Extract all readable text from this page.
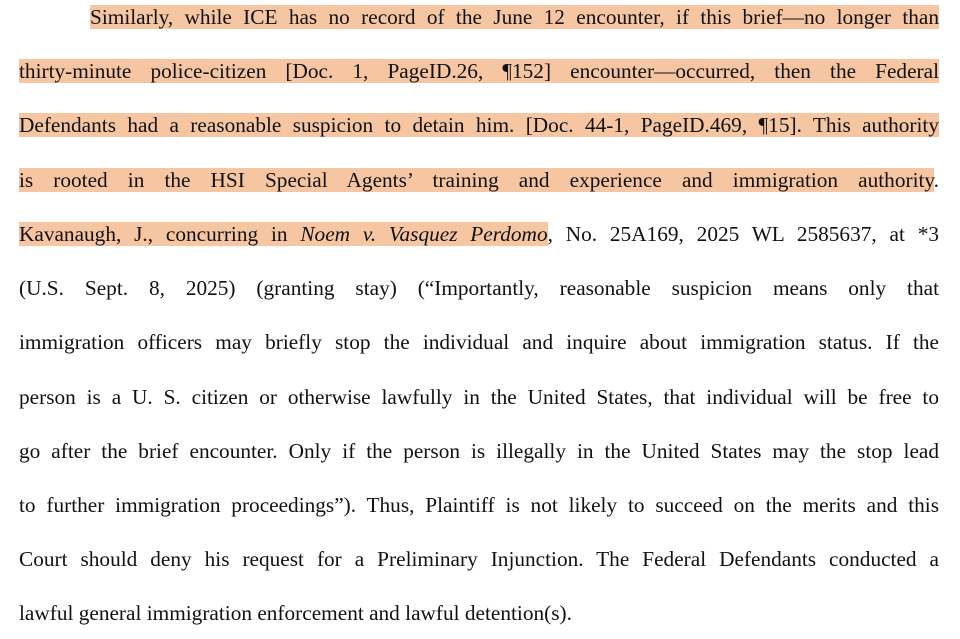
Similarly, while ICE has no record of the June 12 encounter, if this brief—no longer than
thirty-minute police-citizen [Doc. 1, PageID.26, ¶152] encounter—occurred, then the Federal
Defendants had a reasonable suspicion to detain him. [Doc. 44-1, PageID.469, ¶15]. This authority
is rooted in the HSI Special Agents’ training and experience and immigration authority.
Kavanaugh, J., concurring in Noem v. Vasquez Perdomo, No. 25A169, 2025 WL 2585637, at *3
(U.S. Sept. 8, 2025) (granting stay) (“Importantly, reasonable suspicion means only that
immigration officers may briefly stop the individual and inquire about immigration status. If the
person is a U. S. citizen or otherwise lawfully in the United States, that individual will be free to
go after the brief encounter. Only if the person is illegally in the United States may the stop lead
to further immigration proceedings”). Thus, Plaintiff is not likely to succeed on the merits and this
Court should deny his request for a Preliminary Injunction. The Federal Defendants conducted a
lawful general immigration enforcement and lawful detention(s).
